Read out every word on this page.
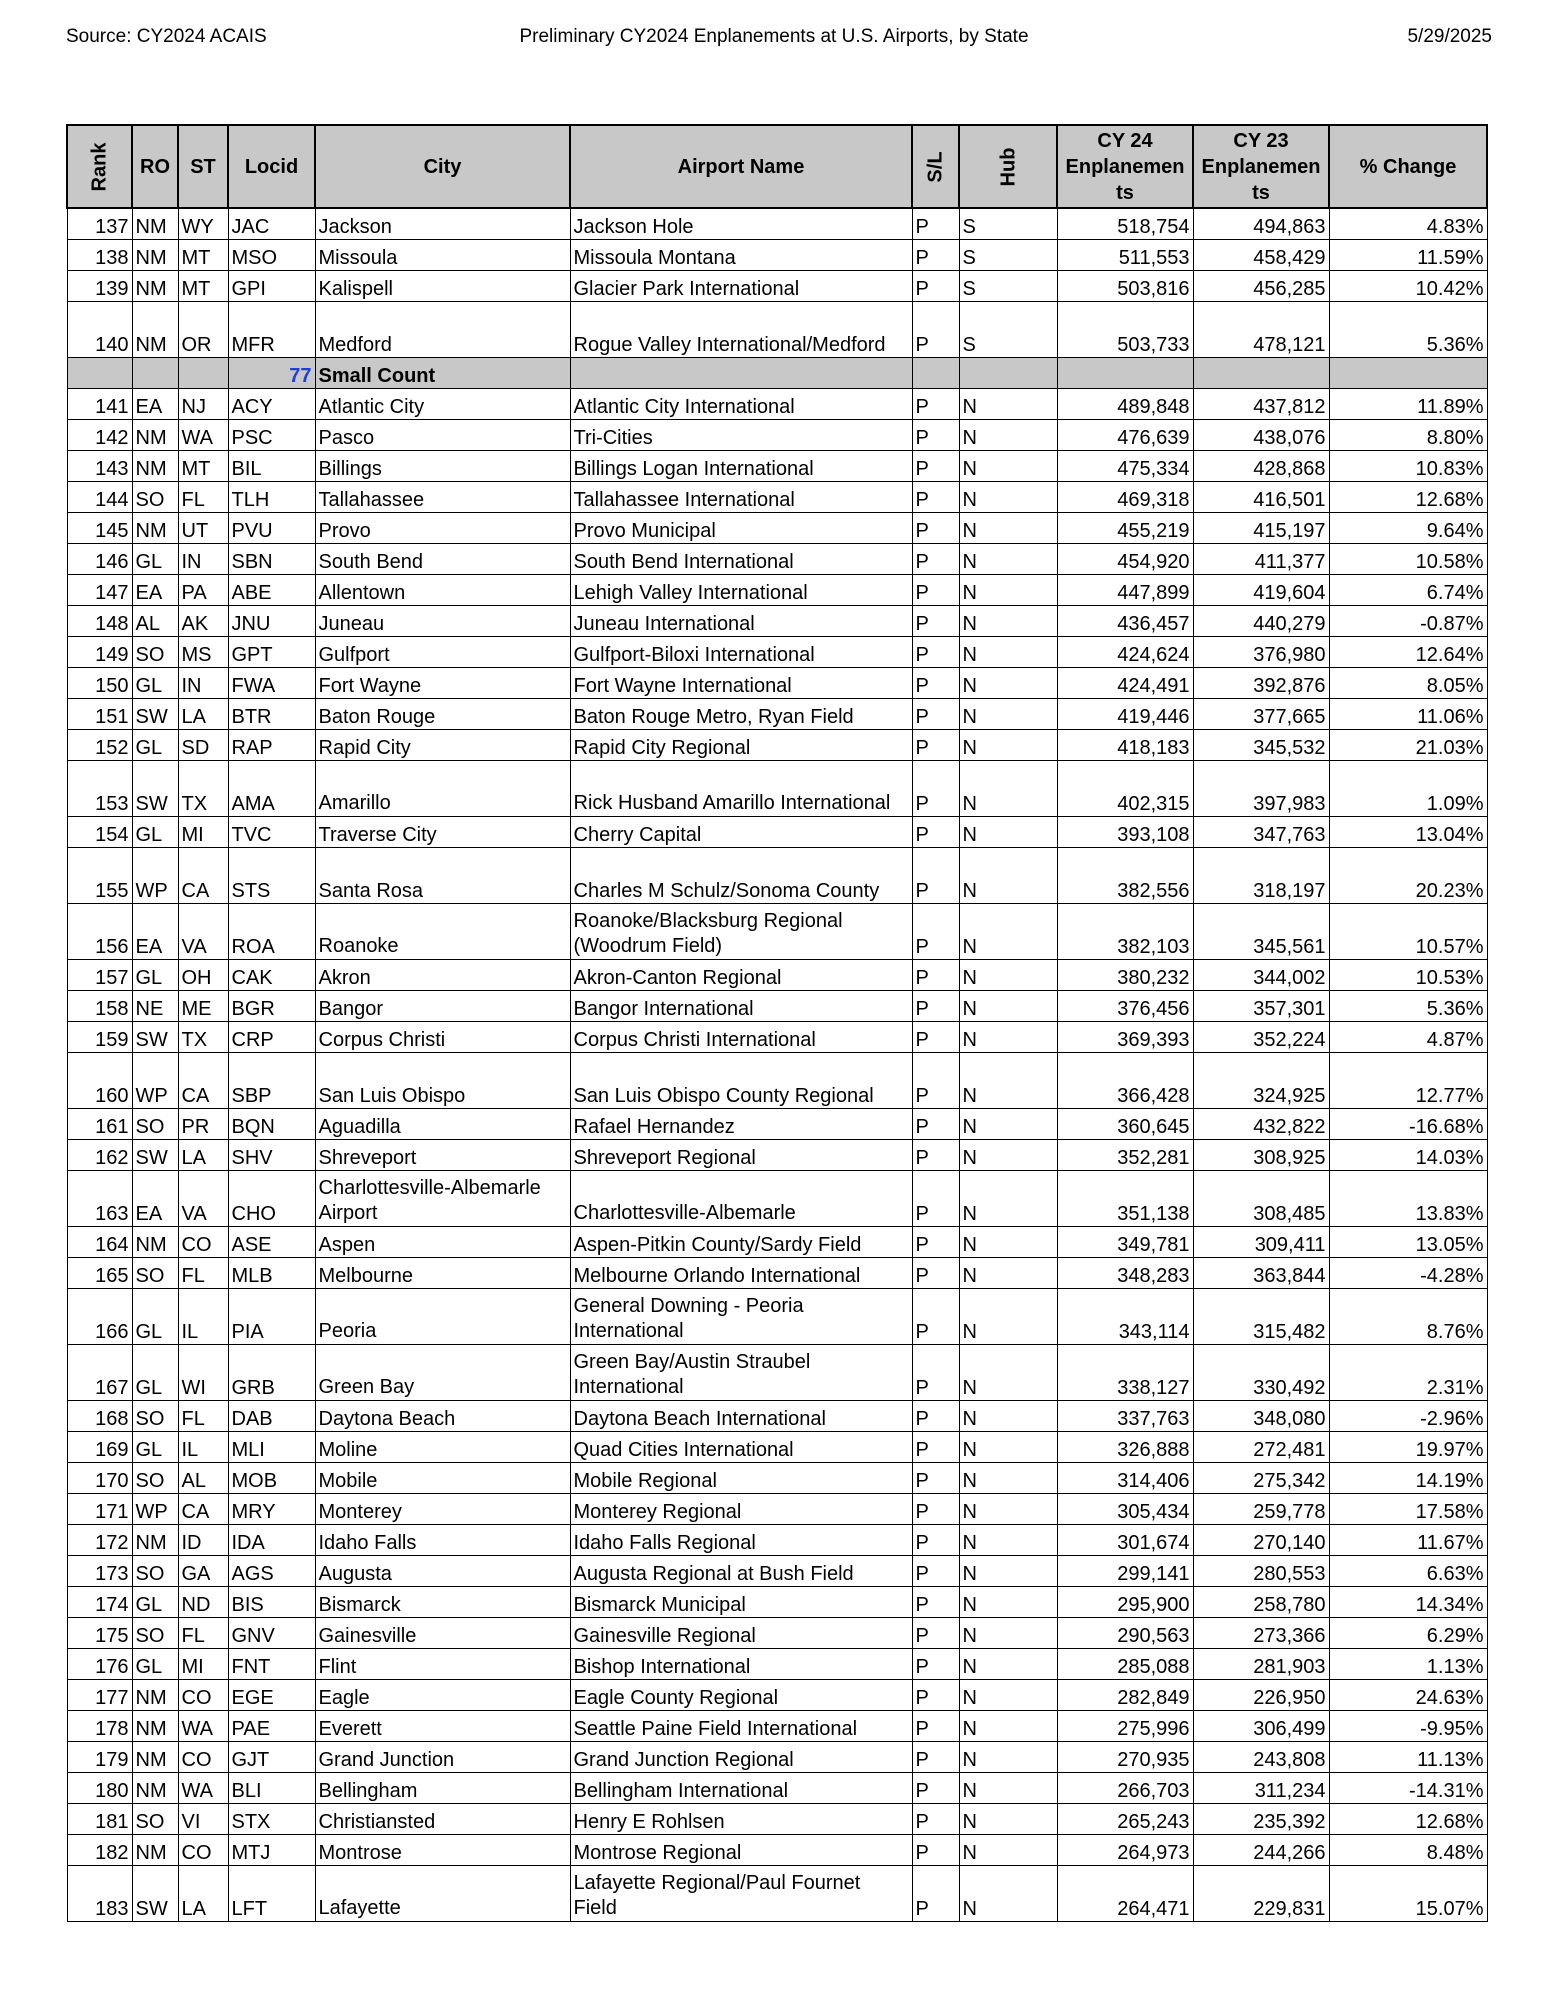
Source: CY2024 ACAIS	Preliminary CY2024 Enplanements at U.S. Airports, by State	5/29/2025
Rank	RO	ST	Locid	City	Airport Name	S/L	Hub	CY 24 Enplanemen ts	CY 23 Enplanemen ts	% Change
137	NM	WY	JAC	Jackson	Jackson Hole	P	S	518,754	494,863	4.83%
138	NM	MT	MSO	Missoula	Missoula Montana	P	S	511,553	458,429	11.59%
139	NM	MT	GPI	Kalispell	Glacier Park International	P	S	503,816	456,285	10.42%
140	NM	OR	MFR	Medford	Rogue Valley International/Medford	P	S	503,733	478,121	5.36%
			77	Small Count						
141	EA	NJ	ACY	Atlantic City	Atlantic City International	P	N	489,848	437,812	11.89%
142	NM	WA	PSC	Pasco	Tri-Cities	P	N	476,639	438,076	8.80%
143	NM	MT	BIL	Billings	Billings Logan International	P	N	475,334	428,868	10.83%
144	SO	FL	TLH	Tallahassee	Tallahassee International	P	N	469,318	416,501	12.68%
145	NM	UT	PVU	Provo	Provo Municipal	P	N	455,219	415,197	9.64%
146	GL	IN	SBN	South Bend	South Bend International	P	N	454,920	411,377	10.58%
147	EA	PA	ABE	Allentown	Lehigh Valley International	P	N	447,899	419,604	6.74%
148	AL	AK	JNU	Juneau	Juneau International	P	N	436,457	440,279	-0.87%
149	SO	MS	GPT	Gulfport	Gulfport-Biloxi International	P	N	424,624	376,980	12.64%
150	GL	IN	FWA	Fort Wayne	Fort Wayne International	P	N	424,491	392,876	8.05%
151	SW	LA	BTR	Baton Rouge	Baton Rouge Metro, Ryan Field	P	N	419,446	377,665	11.06%
152	GL	SD	RAP	Rapid City	Rapid City Regional	P	N	418,183	345,532	21.03%
153	SW	TX	AMA	Amarillo	Rick Husband Amarillo International	P	N	402,315	397,983	1.09%
154	GL	MI	TVC	Traverse City	Cherry Capital	P	N	393,108	347,763	13.04%
155	WP	CA	STS	Santa Rosa	Charles M Schulz/Sonoma County	P	N	382,556	318,197	20.23%
156	EA	VA	ROA	Roanoke	Roanoke/Blacksburg Regional (Woodrum Field)	P	N	382,103	345,561	10.57%
157	GL	OH	CAK	Akron	Akron-Canton Regional	P	N	380,232	344,002	10.53%
158	NE	ME	BGR	Bangor	Bangor International	P	N	376,456	357,301	5.36%
159	SW	TX	CRP	Corpus Christi	Corpus Christi International	P	N	369,393	352,224	4.87%
160	WP	CA	SBP	San Luis Obispo	San Luis Obispo County Regional	P	N	366,428	324,925	12.77%
161	SO	PR	BQN	Aguadilla	Rafael Hernandez	P	N	360,645	432,822	-16.68%
162	SW	LA	SHV	Shreveport	Shreveport Regional	P	N	352,281	308,925	14.03%
163	EA	VA	CHO	Charlottesville-Albemarle Airport	Charlottesville-Albemarle	P	N	351,138	308,485	13.83%
164	NM	CO	ASE	Aspen	Aspen-Pitkin County/Sardy Field	P	N	349,781	309,411	13.05%
165	SO	FL	MLB	Melbourne	Melbourne Orlando International	P	N	348,283	363,844	-4.28%
166	GL	IL	PIA	Peoria	General Downing - Peoria International	P	N	343,114	315,482	8.76%
167	GL	WI	GRB	Green Bay	Green Bay/Austin Straubel International	P	N	338,127	330,492	2.31%
168	SO	FL	DAB	Daytona Beach	Daytona Beach International	P	N	337,763	348,080	-2.96%
169	GL	IL	MLI	Moline	Quad Cities International	P	N	326,888	272,481	19.97%
170	SO	AL	MOB	Mobile	Mobile Regional	P	N	314,406	275,342	14.19%
171	WP	CA	MRY	Monterey	Monterey Regional	P	N	305,434	259,778	17.58%
172	NM	ID	IDA	Idaho Falls	Idaho Falls Regional	P	N	301,674	270,140	11.67%
173	SO	GA	AGS	Augusta	Augusta Regional at Bush Field	P	N	299,141	280,553	6.63%
174	GL	ND	BIS	Bismarck	Bismarck Municipal	P	N	295,900	258,780	14.34%
175	SO	FL	GNV	Gainesville	Gainesville Regional	P	N	290,563	273,366	6.29%
176	GL	MI	FNT	Flint	Bishop International	P	N	285,088	281,903	1.13%
177	NM	CO	EGE	Eagle	Eagle County Regional	P	N	282,849	226,950	24.63%
178	NM	WA	PAE	Everett	Seattle Paine Field International	P	N	275,996	306,499	-9.95%
179	NM	CO	GJT	Grand Junction	Grand Junction Regional	P	N	270,935	243,808	11.13%
180	NM	WA	BLI	Bellingham	Bellingham International	P	N	266,703	311,234	-14.31%
181	SO	VI	STX	Christiansted	Henry E Rohlsen	P	N	265,243	235,392	12.68%
182	NM	CO	MTJ	Montrose	Montrose Regional	P	N	264,973	244,266	8.48%
183	SW	LA	LFT	Lafayette	Lafayette Regional/Paul Fournet Field	P	N	264,471	229,831	15.07%
